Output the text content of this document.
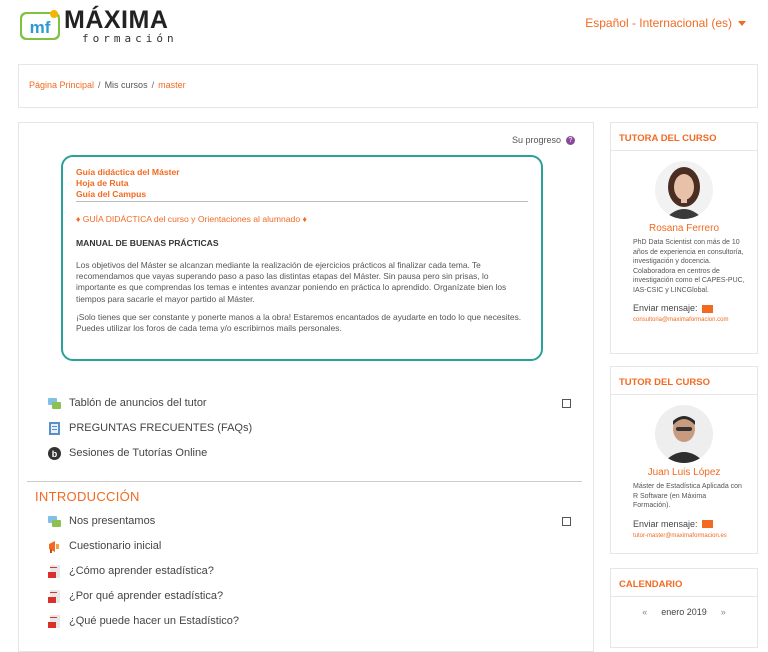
mf MÁXIMA
formación
Español - Internacional (es)
Página Principal / Mis cursos / master
Su progreso ?
Guía didáctica del Máster
Hoja de Ruta
Guía del Campus
♦ GUÍA DIDÁCTICA del curso y Orientaciones al alumnado ♦
MANUAL DE BUENAS PRÁCTICAS

Los objetivos del Máster se alcanzan mediante la realización de ejercicios prácticos al finalizar cada tema. Te recomendamos que vayas superando paso a paso las distintas etapas del Máster. Sin pausa pero sin prisas, lo importante es que comprendas los temas e intentes avanzar poniendo en práctica lo aprendido. Organízate bien los tiempos para sacarle el mayor partido al Máster.

¡Solo tienes que ser constante y ponerte manos a la obra! Estaremos encantados de ayudarte en todo lo que necesites. Puedes utilizar los foros de cada tema y/o escribirnos mails personales.

Tablón de anuncios del tutor
PREGUNTAS FRECUENTES (FAQs)
b Sesiones de Tutorías Online
INTRODUCCIÓN
Nos presentamos
Cuestionario inicial
¿Cómo aprender estadística?
¿Por qué aprender estadística?
¿Qué puede hacer un Estadístico?
TUTORA DEL CURSO
Rosana Ferrero
PhD Data Scientist con más de 10 años de experiencia en consultoría, investigación y docencia. Colaboradora en centros de investigación como el CAPES-PUC, IAS-CSIC y LINCGlobal.
Enviar mensaje:
consultoria@maximaformacion.com
TUTOR DEL CURSO
Juan Luis López
Máster de Estadística Aplicada con R Software (en Máxima Formación).
Enviar mensaje:
tutor-master@maximaformacion.es
CALENDARIO
« enero 2019 »
